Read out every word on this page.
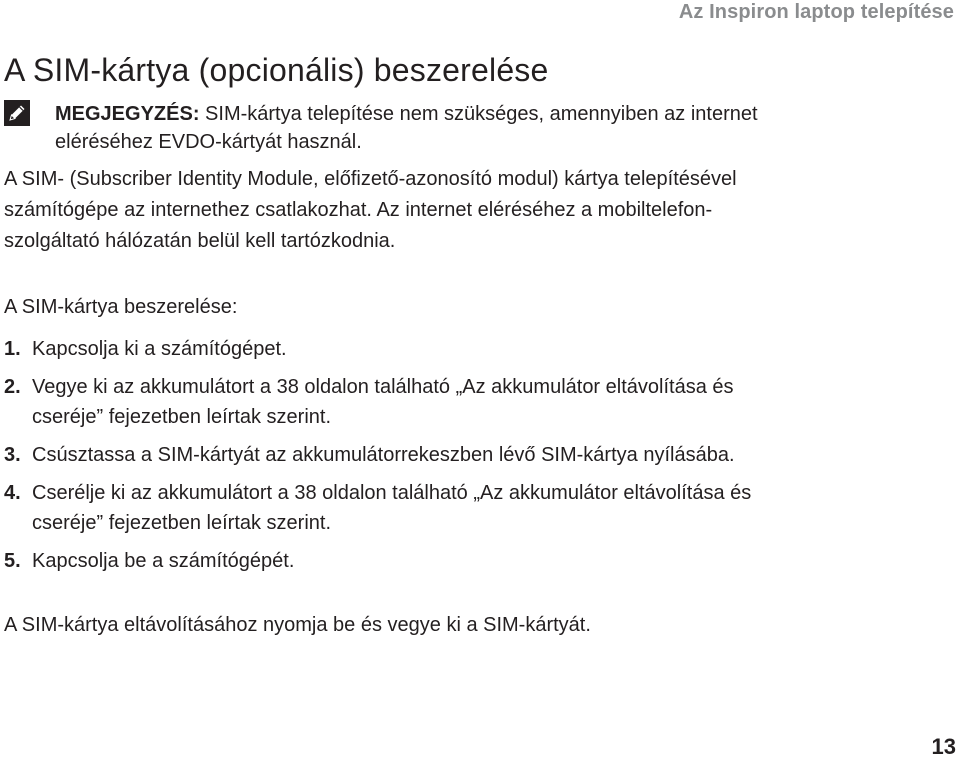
Az Inspiron laptop telepítése
A SIM-kártya (opcionális) beszerelése
MEGJEGYZÉS: SIM-kártya telepítése nem szükséges, amennyiben az internet
eléréséhez EVDO-kártyát használ.
A SIM- (Subscriber Identity Module, előfizető-azonosító modul) kártya telepítésével
számítógépe az internethez csatlakozhat. Az internet eléréséhez a mobiltelefon-
szolgáltató hálózatán belül kell tartózkodnia.
A SIM-kártya beszerelése:
1. Kapcsolja ki a számítógépet.
2. Vegye ki az akkumulátort a 38 oldalon található „Az akkumulátor eltávolítása és
cseréje” fejezetben leírtak szerint.
3. Csúsztassa a SIM-kártyát az akkumulátorrekeszben lévő SIM-kártya nyílásába.
4. Cserélje ki az akkumulátort a 38 oldalon található „Az akkumulátor eltávolítása és
cseréje” fejezetben leírtak szerint.
5. Kapcsolja be a számítógépét.
A SIM-kártya eltávolításához nyomja be és vegye ki a SIM-kártyát.
13
